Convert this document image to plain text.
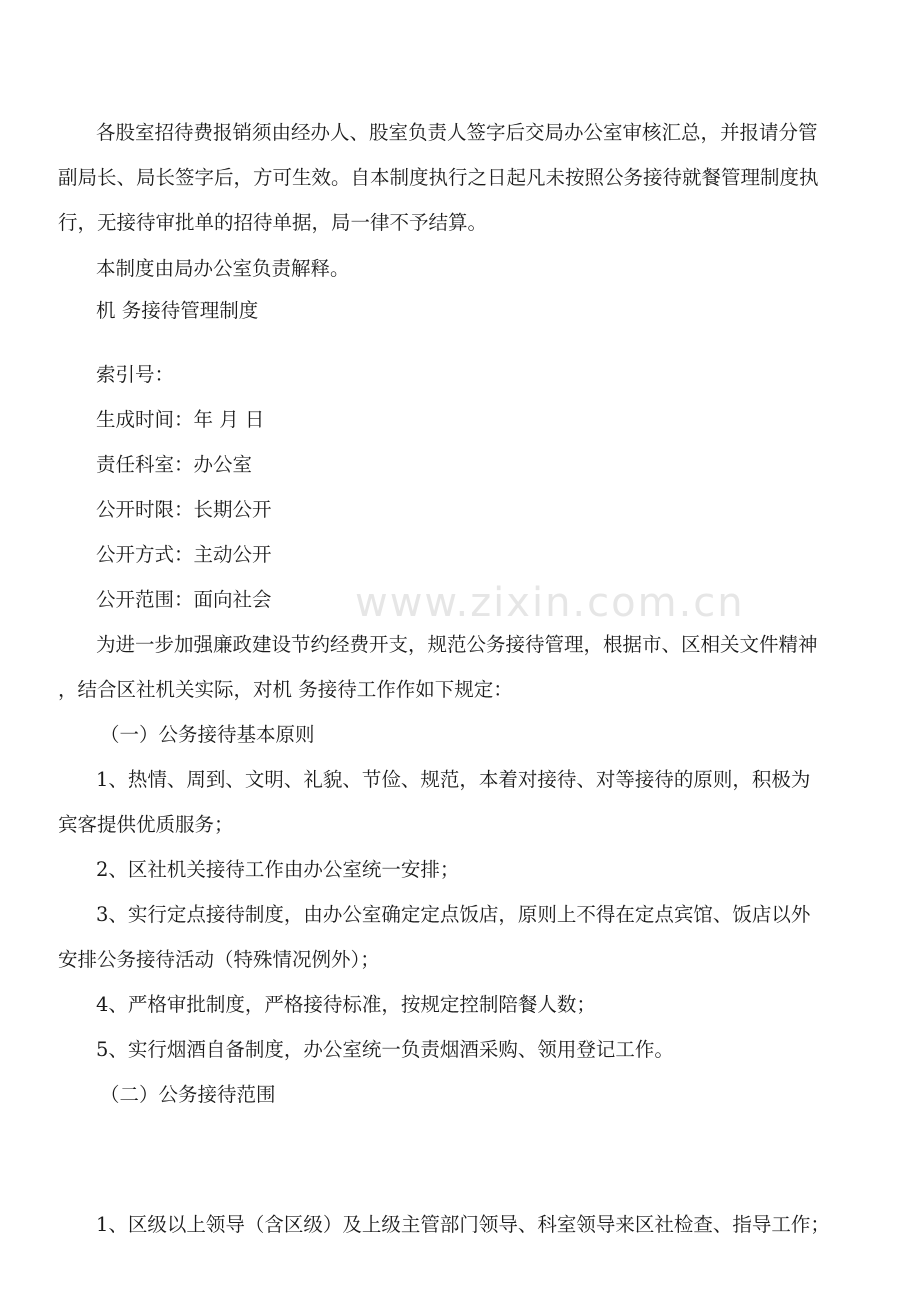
各股室招待费报销须由经办人、股室负责人签字后交局办公室审核汇总，并报请分管
副局长、局长签字后，方可生效。自本制度执行之日起凡未按照公务接待就餐管理制度执
行，无接待审批单的招待单据，局一律不予结算。
本制度由局办公室负责解释。
机 务接待管理制度
索引号：
生成时间：年 月 日
责任科室：办公室
公开时限：长期公开
公开方式：主动公开
公开范围：面向社会
为进一步加强廉政建设节约经费开支，规范公务接待管理，根据市、区相关文件精神
，结合区社机关实际，对机 务接待工作作如下规定：
（一）公务接待基本原则
1、热情、周到、文明、礼貌、节俭、规范，本着对接待、对等接待的原则，积极为
宾客提供优质服务；
2、区社机关接待工作由办公室统一安排；
3、实行定点接待制度，由办公室确定定点饭店，原则上不得在定点宾馆、饭店以外
安排公务接待活动（特殊情况例外）；
4、严格审批制度，严格接待标准，按规定控制陪餐人数；
5、实行烟酒自备制度，办公室统一负责烟酒采购、领用登记工作。
（二）公务接待范围
1、区级以上领导（含区级）及上级主管部门领导、科室领导来区社检查、指导工作；
www.zixin.com.cn
